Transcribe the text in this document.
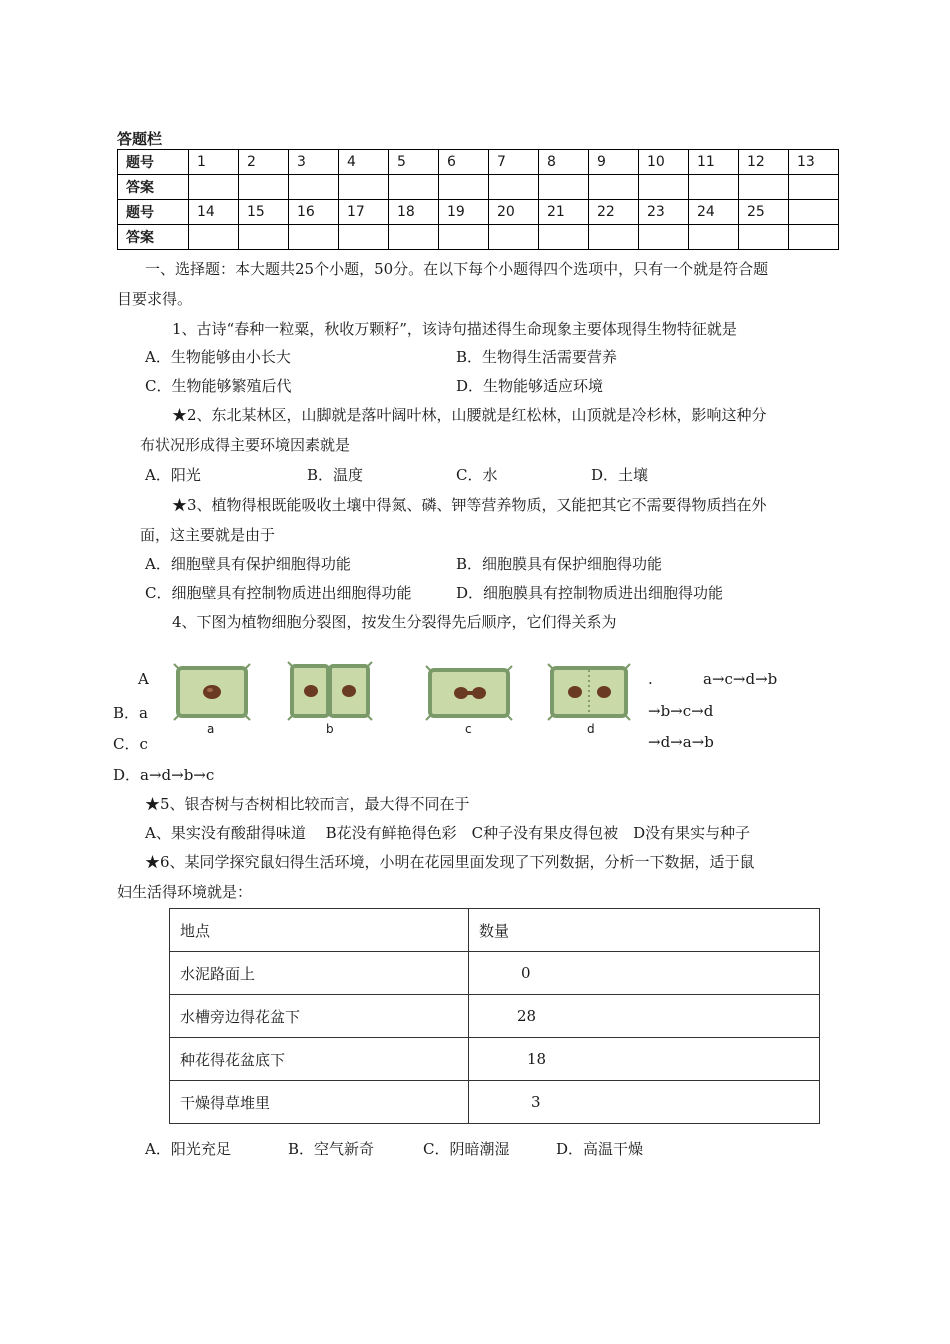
答题栏
题号	1	2	3	4	5	6	7	8	9	10	11	12	13
答案													
题号	14	15	16	17	18	19	20	21	22	23	24	25	
答案													
一、选择题：本大题共25个小题，50分。在以下每个小题得四个选项中，只有一个就是符合题
目要求得。
1、古诗“春种一粒粟，秋收万颗籽”，该诗句描述得生命现象主要体现得生物特征就是
A．生物能够由小长大	B．生物得生活需要营养
C．生物能够繁殖后代	D．生物能够适应环境
★2、东北某林区，山脚就是落叶阔叶林，山腰就是红松林，山顶就是冷杉林，影响这种分
布状况形成得主要环境因素就是
A．阳光	B．温度	C．水	D．土壤
★3、植物得根既能吸收土壤中得氮、磷、钾等营养物质，又能把其它不需要得物质挡在外
面，这主要就是由于
A．细胞壁具有保护细胞得功能	B．细胞膜具有保护细胞得功能
C．细胞壁具有控制物质进出细胞得功能	D．细胞膜具有控制物质进出细胞得功能
4、下图为植物细胞分裂图，按发生分裂得先后顺序，它们得关系为
A	.	a→c→d→b
B．a	→b→c→d
C．c	→d→a→b
D．a→d→b→c
a	b	c	d
★5、银杏树与杏树相比较而言，最大得不同在于
A、果实没有酸甜得味道　 B花没有鲜艳得色彩　C种子没有果皮得包被　D没有果实与种子
★6、某同学探究鼠妇得生活环境，小明在花园里面发现了下列数据，分析一下数据，适于鼠
妇生活得环境就是：
地点	数量
水泥路面上	0
水槽旁边得花盆下	28
种花得花盆底下	18
干燥得草堆里	3
A．阳光充足	B．空气新奇	C．阴暗潮湿	D．高温干燥
